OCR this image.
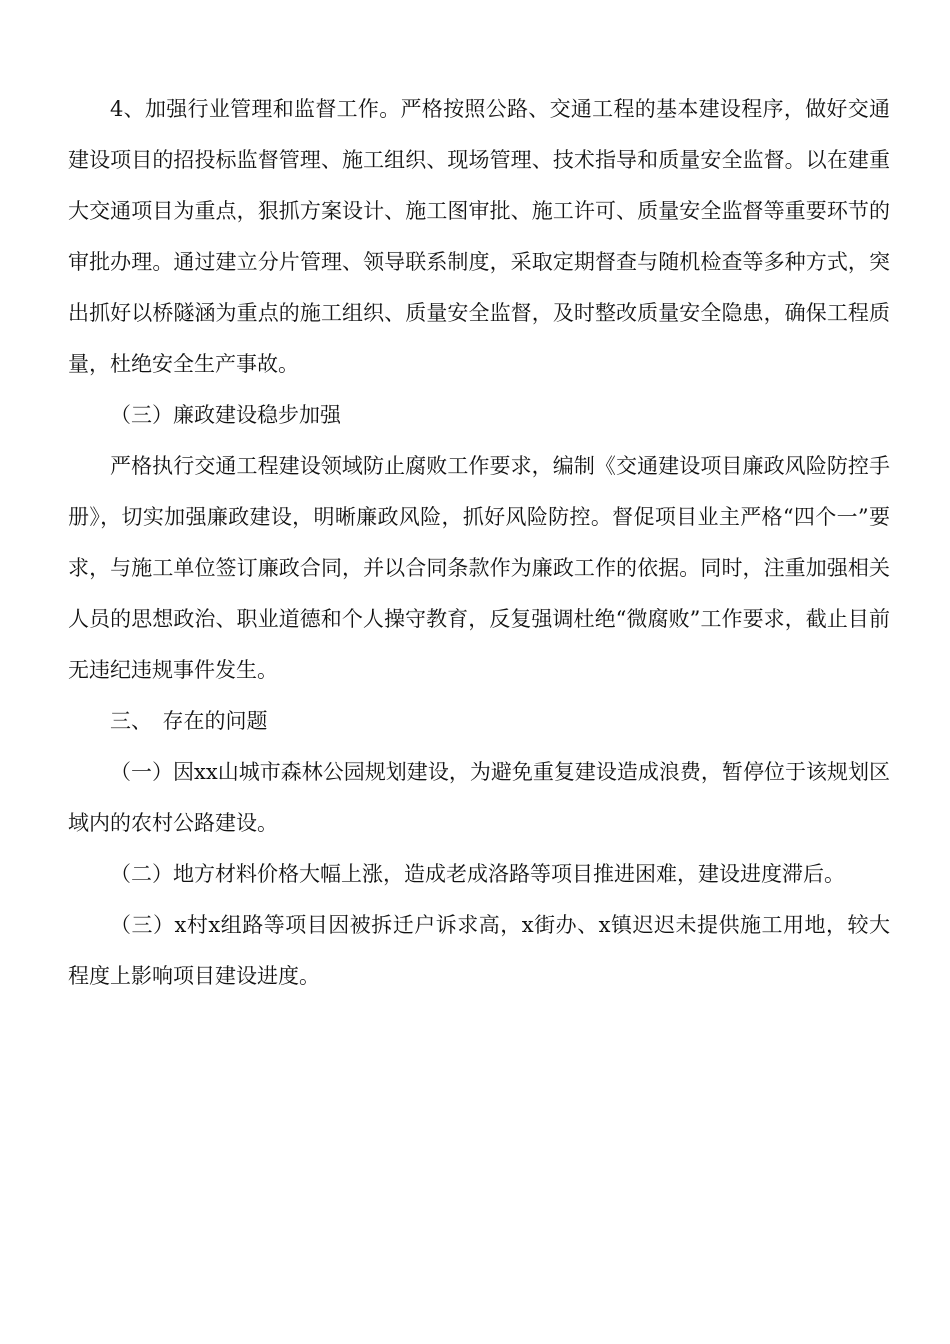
4、加强行业管理和监督工作。严格按照公路、交通工程的基本建设程序，做好交通建设项目的招投标监督管理、施工组织、现场管理、技术指导和质量安全监督。以在建重大交通项目为重点，狠抓方案设计、施工图审批、施工许可、质量安全监督等重要环节的审批办理。通过建立分片管理、领导联系制度，采取定期督查与随机检查等多种方式，突出抓好以桥隧涵为重点的施工组织、质量安全监督，及时整改质量安全隐患，确保工程质量，杜绝安全生产事故。

（三）廉政建设稳步加强

严格执行交通工程建设领域防止腐败工作要求，编制《交通建设项目廉政风险防控手册》，切实加强廉政建设，明晰廉政风险，抓好风险防控。督促项目业主严格“四个一”要求，与施工单位签订廉政合同，并以合同条款作为廉政工作的依据。同时，注重加强相关人员的思想政治、职业道德和个人操守教育，反复强调杜绝“微腐败”工作要求，截止目前无违纪违规事件发生。

三、 存在的问题

（一）因xx山城市森林公园规划建设，为避免重复建设造成浪费，暂停位于该规划区域内的农村公路建设。

（二）地方材料价格大幅上涨，造成老成洛路等项目推进困难，建设进度滞后。

（三）x村x组路等项目因被拆迁户诉求高，x街办、x镇迟迟未提供施工用地，较大程度上影响项目建设进度。
